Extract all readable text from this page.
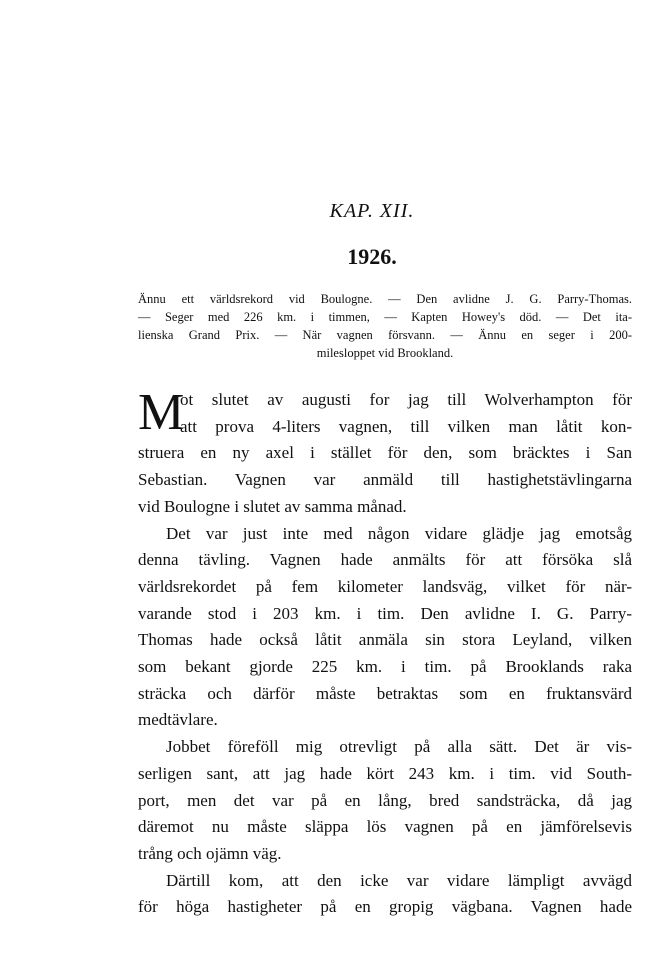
KAP. XII.
1926.
Ännu ett världsrekord vid Boulogne. — Den avlidne J. G. Parry-Thomas.
— Seger med 226 km. i timmen, — Kapten Howey's död. — Det ita-
lienska Grand Prix. — När vagnen försvann. — Ännu en seger i 200-
milesloppet vid Brookland.
M
ot slutet av augusti for jag till Wolverhampton för
att prova 4-liters vagnen, till vilken man låtit kon-
struera en ny axel i stället för den, som bräcktes i San
Sebastian. Vagnen var anmäld till hastighetstävlingarna
vid Boulogne i slutet av samma månad.
Det var just inte med någon vidare glädje jag emotsåg
denna tävling. Vagnen hade anmälts för att försöka slå
världsrekordet på fem kilometer landsväg, vilket för när-
varande stod i 203 km. i tim. Den avlidne I. G. Parry-
Thomas hade också låtit anmäla sin stora Leyland, vilken
som bekant gjorde 225 km. i tim. på Brooklands raka
sträcka och därför måste betraktas som en fruktansvärd
medtävlare.
Jobbet föreföll mig otrevligt på alla sätt. Det är vis-
serligen sant, att jag hade kört 243 km. i tim. vid South-
port, men det var på en lång, bred sandsträcka, då jag
däremot nu måste släppa lös vagnen på en jämförelsevis
trång och ojämn väg.
Därtill kom, att den icke var vidare lämpligt avvägd
för höga hastigheter på en gropig vägbana. Vagnen hade
